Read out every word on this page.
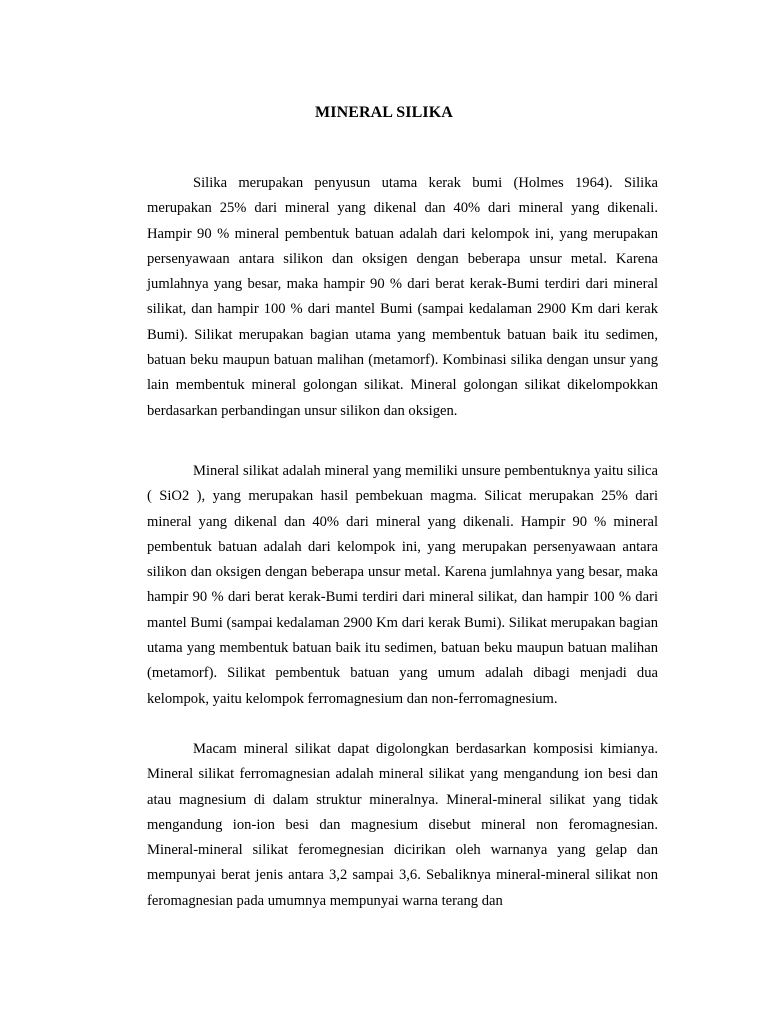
MINERAL SILIKA

Silika merupakan penyusun utama kerak bumi (Holmes 1964). Silika merupakan 25% dari mineral yang dikenal dan 40% dari mineral yang dikenali. Hampir 90 % mineral pembentuk batuan adalah dari kelompok ini, yang merupakan persenyawaan antara silikon dan oksigen dengan beberapa unsur metal. Karena jumlahnya yang besar, maka hampir 90 % dari berat kerak-Bumi terdiri dari mineral silikat, dan hampir 100 % dari mantel Bumi (sampai kedalaman 2900 Km dari kerak Bumi). Silikat merupakan bagian utama yang membentuk batuan baik itu sedimen, batuan beku maupun batuan malihan (metamorf). Kombinasi silika dengan unsur yang lain membentuk mineral golongan silikat. Mineral golongan silikat dikelompokkan berdasarkan perbandingan unsur silikon dan oksigen.

Mineral silikat adalah mineral yang memiliki unsure pembentuknya yaitu silica ( SiO2 ), yang merupakan hasil pembekuan magma. Silicat merupakan 25% dari mineral yang dikenal dan 40% dari mineral yang dikenali. Hampir 90 % mineral pembentuk batuan adalah dari kelompok ini, yang merupakan persenyawaan antara silikon dan oksigen dengan beberapa unsur metal. Karena jumlahnya yang besar, maka hampir 90 % dari berat kerak-Bumi terdiri dari mineral silikat, dan hampir 100 % dari mantel Bumi (sampai kedalaman 2900 Km dari kerak Bumi). Silikat merupakan bagian utama yang membentuk batuan baik itu sedimen, batuan beku maupun batuan malihan (metamorf). Silikat pembentuk batuan yang umum adalah dibagi menjadi dua kelompok, yaitu kelompok ferromagnesium dan non-ferromagnesium.

Macam mineral silikat dapat digolongkan berdasarkan komposisi kimianya. Mineral silikat ferromagnesian adalah mineral silikat yang mengandung ion besi dan atau magnesium di dalam struktur mineralnya. Mineral-mineral silikat yang tidak mengandung ion-ion besi dan magnesium disebut mineral non feromagnesian. Mineral-mineral silikat feromegnesian dicirikan oleh warnanya yang gelap dan mempunyai berat jenis antara 3,2 sampai 3,6. Sebaliknya mineral-mineral silikat non feromagnesian pada umumnya mempunyai warna terang dan
